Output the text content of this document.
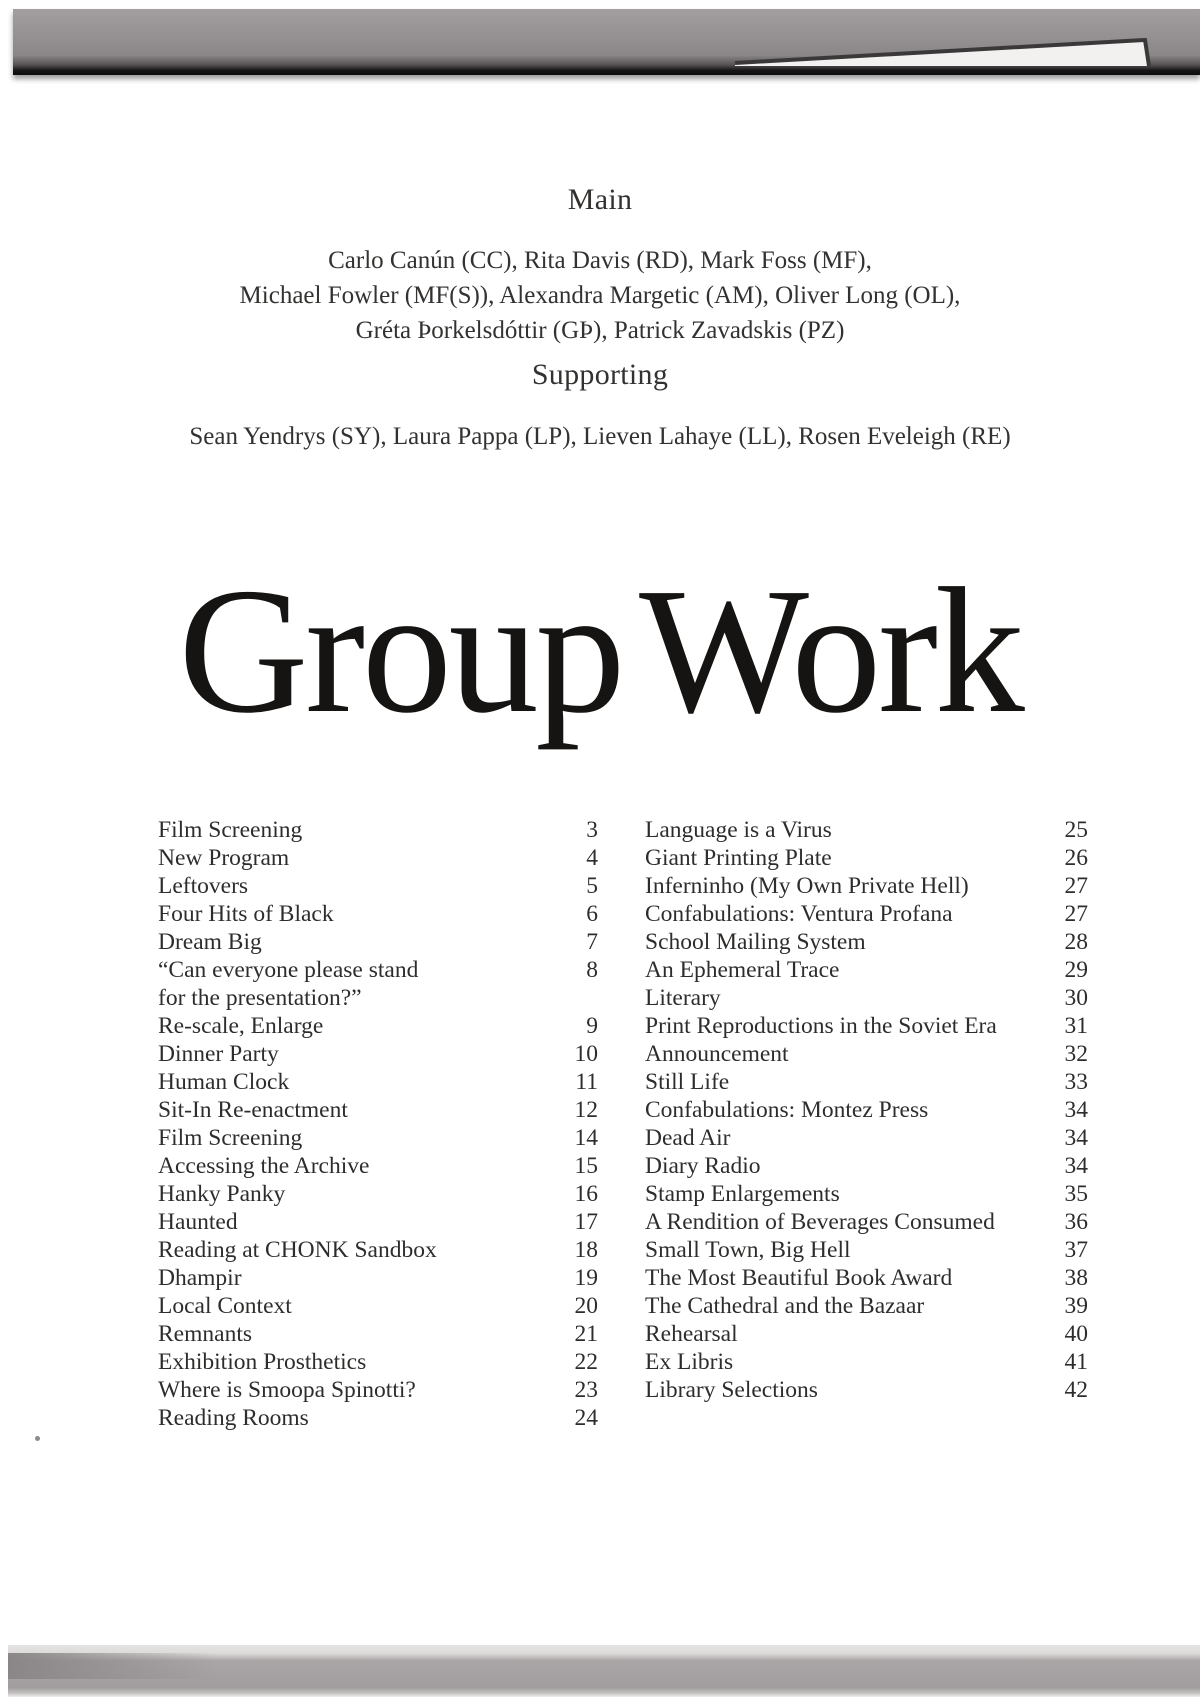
Main
Carlo Canún (CC), Rita Davis (RD), Mark Foss (MF),
Michael Fowler (MF(S)), Alexandra Margetic (AM), Oliver Long (OL),
Gréta Þorkelsdóttir (GÞ), Patrick Zavadskis (PZ)
Supporting
Sean Yendrys (SY), Laura Pappa (LP), Lieven Lahaye (LL), Rosen Eveleigh (RE)
Group Work
Film Screening	3
New Program	4
Leftovers	5
Four Hits of Black	6
Dream Big	7
“Can everyone please stand	8
for the presentation?”
Re-scale, Enlarge	9
Dinner Party	10
Human Clock	11
Sit-In Re-enactment	12
Film Screening	14
Accessing the Archive	15
Hanky Panky	16
Haunted	17
Reading at CHONK Sandbox	18
Dhampir	19
Local Context	20
Remnants	21
Exhibition Prosthetics	22
Where is Smoopa Spinotti?	23
Reading Rooms	24
Language is a Virus	25
Giant Printing Plate	26
Inferninho (My Own Private Hell)	27
Confabulations: Ventura Profana	27
School Mailing System	28
An Ephemeral Trace	29
Literary	30
Print Reproductions in the Soviet Era	31
Announcement	32
Still Life	33
Confabulations: Montez Press	34
Dead Air	34
Diary Radio	34
Stamp Enlargements	35
A Rendition of Beverages Consumed	36
Small Town, Big Hell	37
The Most Beautiful Book Award	38
The Cathedral and the Bazaar	39
Rehearsal	40
Ex Libris	41
Library Selections	42
